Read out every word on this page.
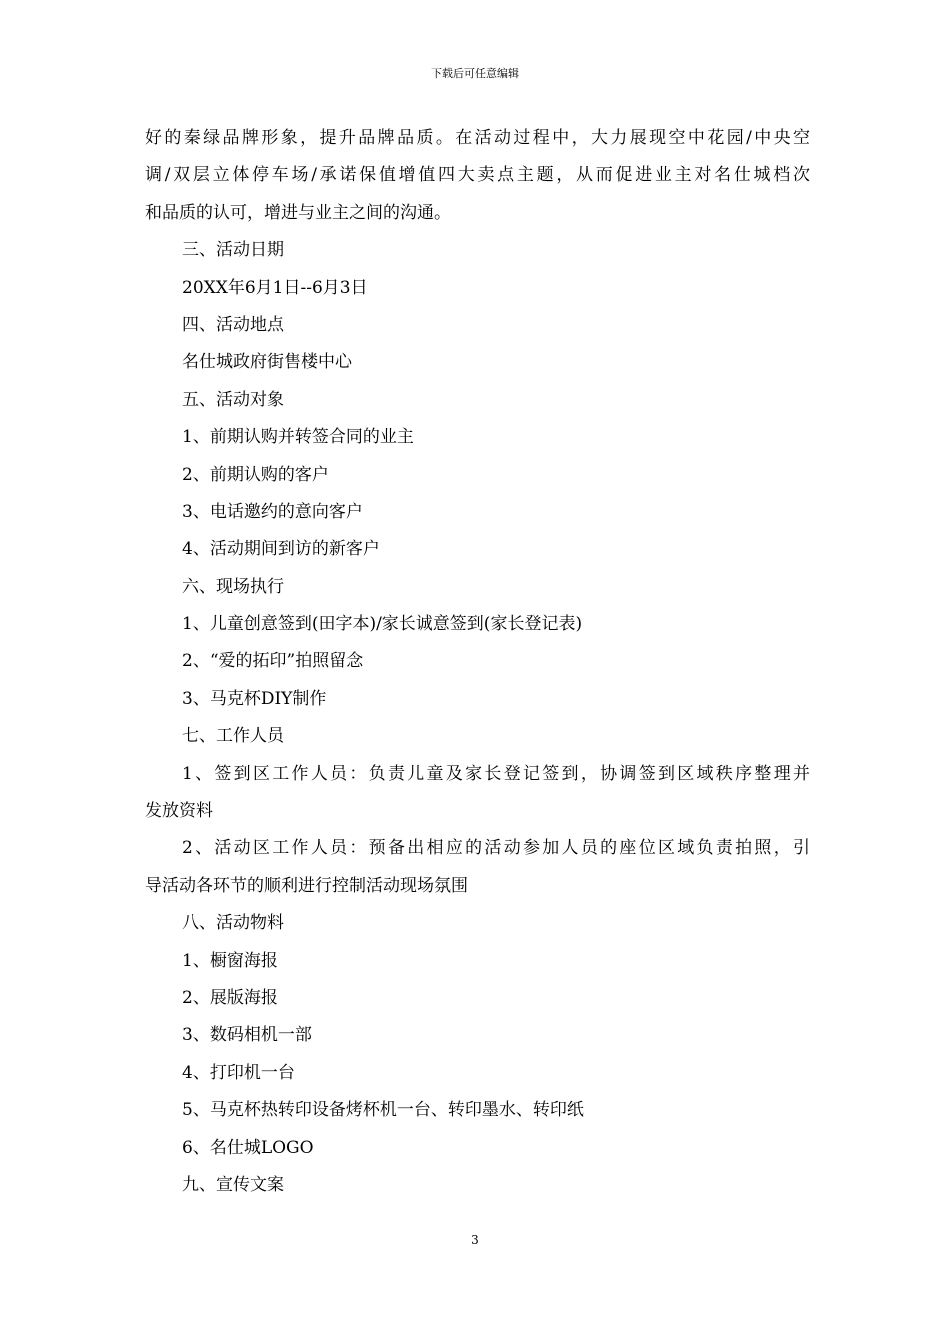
下载后可任意编辑
好的秦绿品牌形象，提升品牌品质。在活动过程中，大力展现空中花园/中央空
调/双层立体停车场/承诺保值增值四大卖点主题，从而促进业主对名仕城档次
和品质的认可，增进与业主之间的沟通。
三、活动日期
20XX年6月1日--6月3日
四、活动地点
名仕城政府街售楼中心
五、活动对象
1、前期认购并转签合同的业主
2、前期认购的客户
3、电话邀约的意向客户
4、活动期间到访的新客户
六、现场执行
1、儿童创意签到(田字本)/家长诚意签到(家长登记表)
2、“爱的拓印”拍照留念
3、马克杯DIY制作
七、工作人员
1、签到区工作人员：负责儿童及家长登记签到，协调签到区域秩序整理并
发放资料
2、活动区工作人员：预备出相应的活动参加人员的座位区域负责拍照，引
导活动各环节的顺利进行控制活动现场氛围
八、活动物料
1、橱窗海报
2、展版海报
3、数码相机一部
4、打印机一台
5、马克杯热转印设备烤杯机一台、转印墨水、转印纸
6、名仕城LOGO
九、宣传文案
3
